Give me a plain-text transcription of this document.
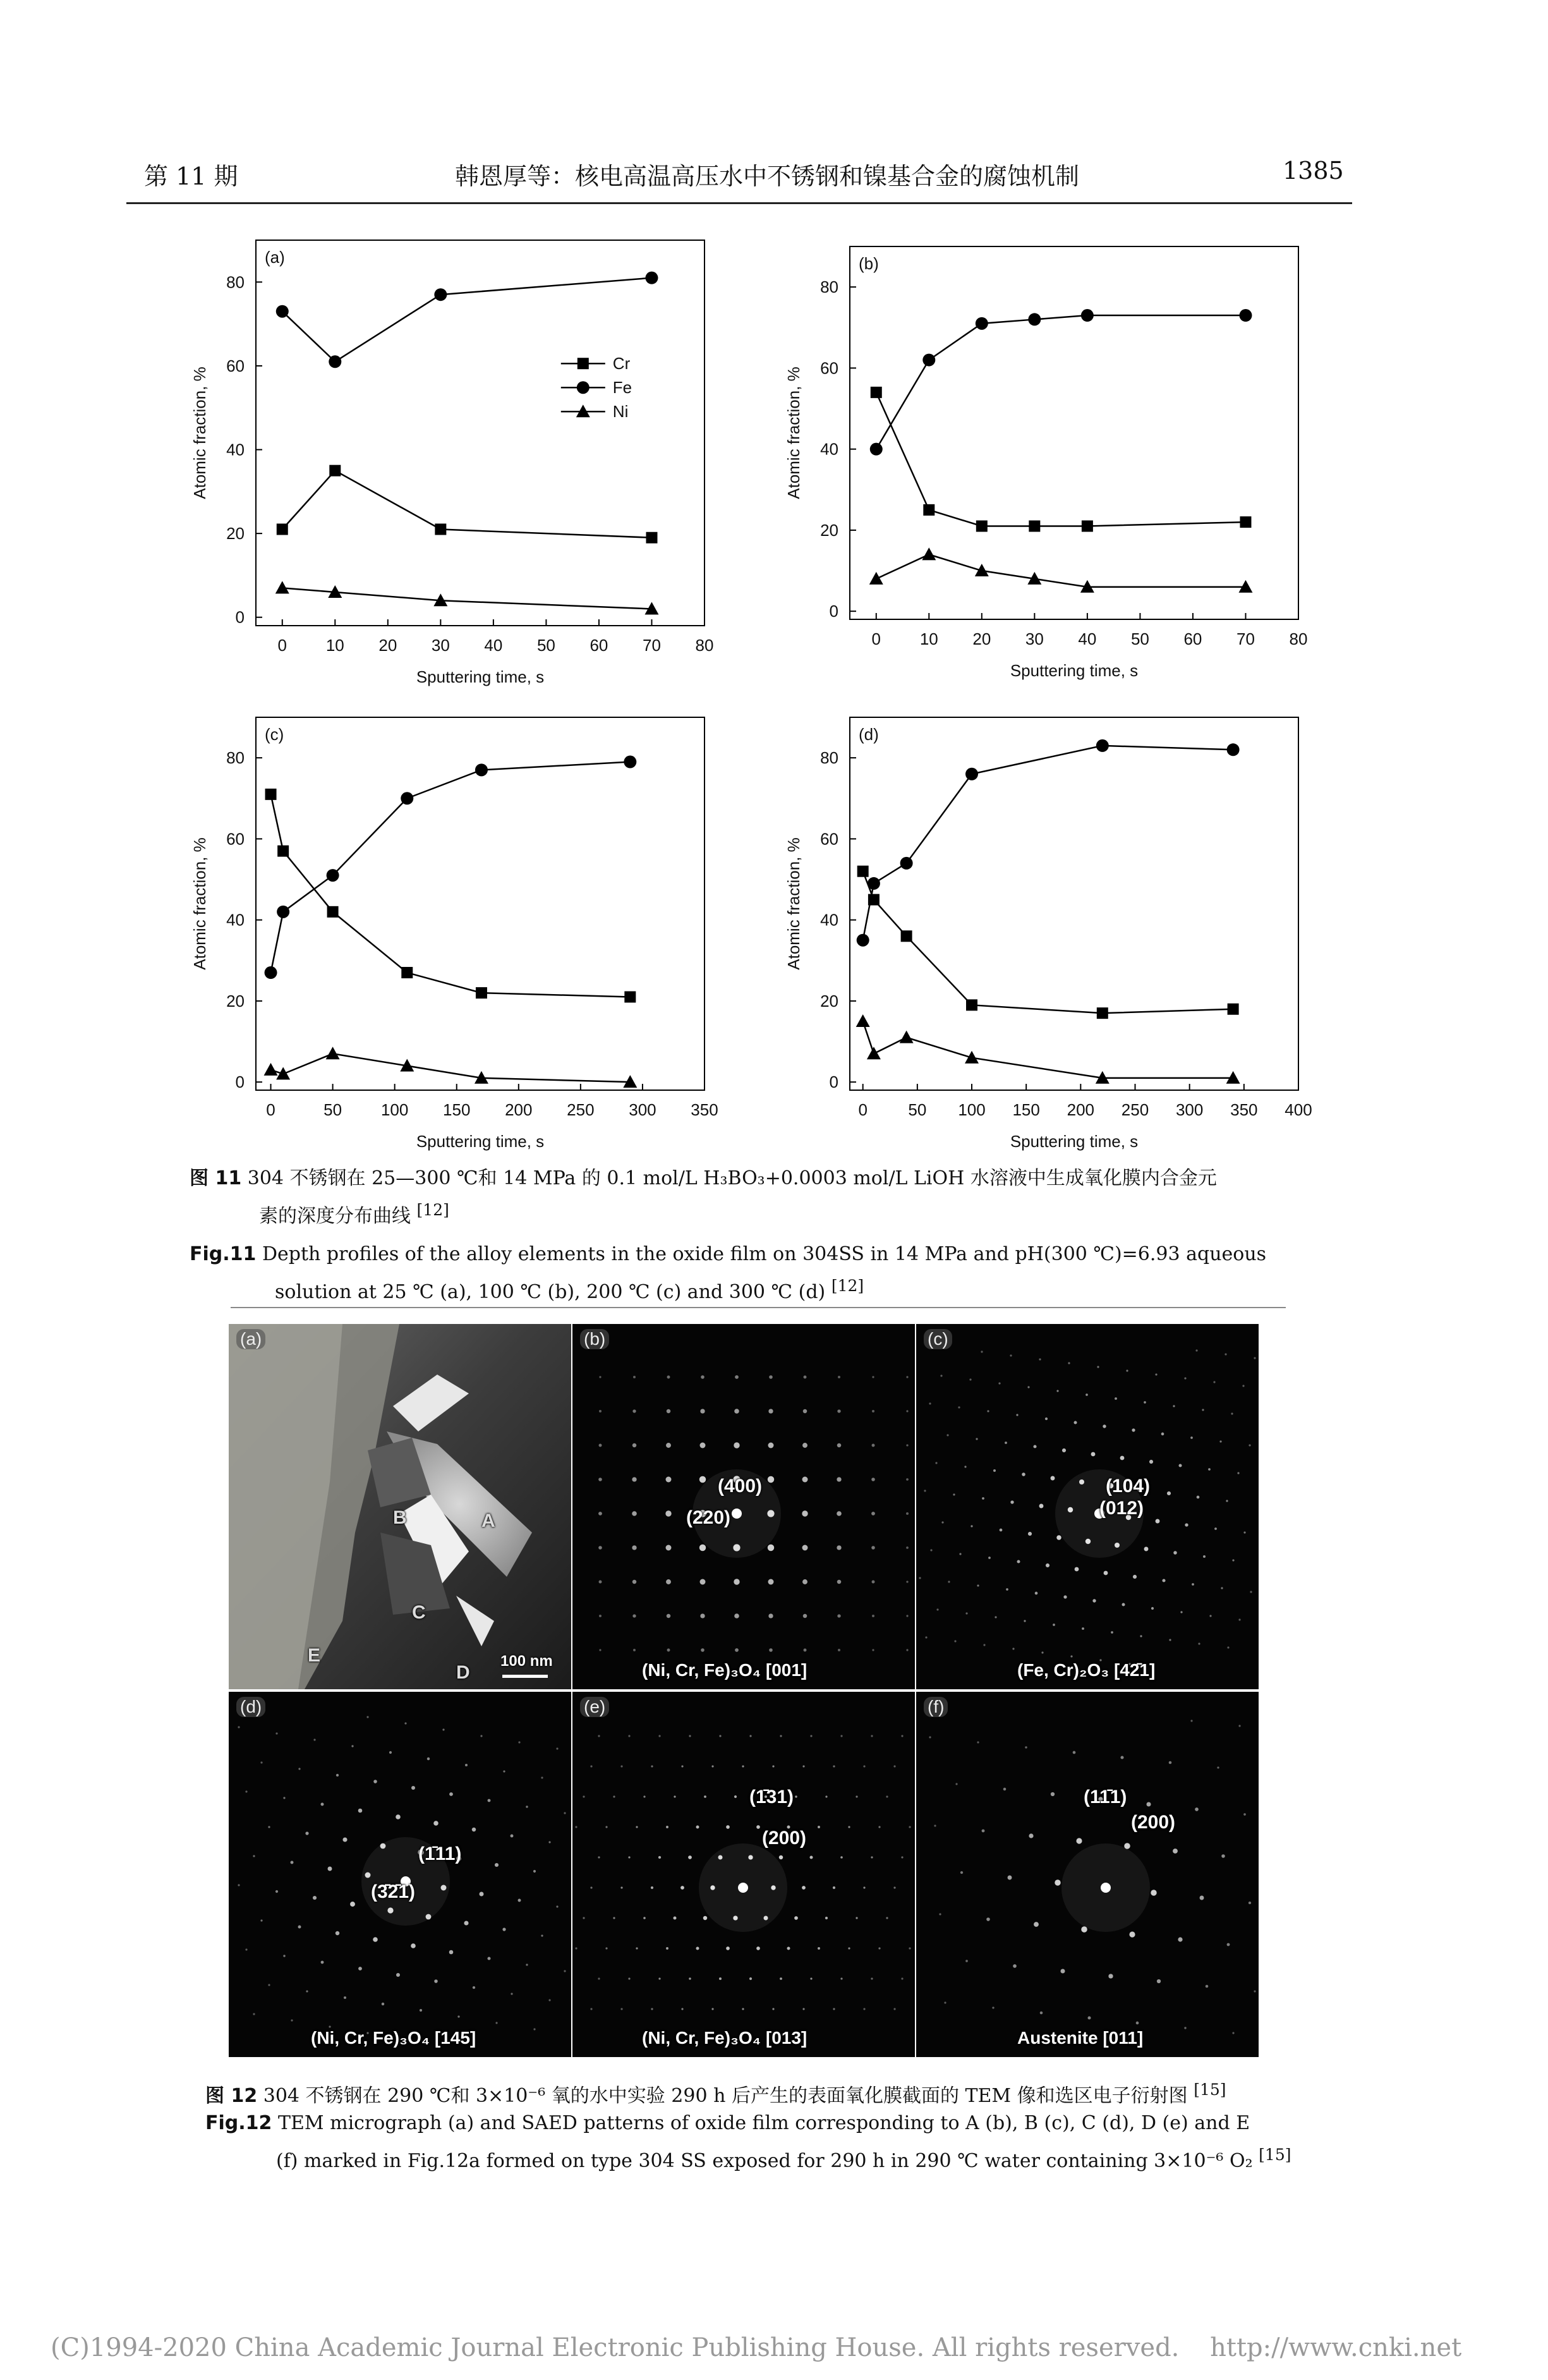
第 11 期	韩恩厚等：核电高温高压水中不锈钢和镍基合金的腐蚀机制	1385
0 10 20 30 40 50 60 70 80
0
20
40
60
80
Sputtering time, s
Atomic fraction, %
(a)
Cr
Fe
Ni
0 10 20 30 40 50 60 70 80
0
20
40
60
80
Sputtering time, s
Atomic fraction, %
(b)
0	50 100 150 200 250 300 350
0
20
40
60
80
Sputtering time, s
Atomic fraction, %
(c)
0 50 100 150 200 250 300 350 400
0
20
40
60
80
Sputtering time, s
Atomic fraction, %
(d)
图 11 304 不锈钢在 25—300 ℃和 14 MPa 的 0.1 mol/L H₃BO₃+0.0003 mol/L LiOH 水溶液中生成氧化膜内合金元
素的深度分布曲线 [12]
Fig.11 Depth profiles of the alloy elements in the oxide film on 304SS in 14 MPa and pH(300 ℃)=6.93 aqueous
solution at 25 ℃ (a), 100 ℃ (b), 200 ℃ (c) and 300 ℃ (d) [12]
(a)
A
B
C
D
E	100 nm
(b)
(400)
(220)
(Ni, Cr, Fe)₃O₄ [001]
(c)
(104)
(012)
(Fe, Cr)₂O₃ [42̄1]
(d)
(1̄11)
(3̄2̄1)
(Ni, Cr, Fe)₃O₄ [145]
(e)
(1̄31)
(200)
(Ni, Cr, Fe)₃O₄ [013]
(f)
(11̄1)
(200)
Austenite [011]
图 12 304 不锈钢在 290 ℃和 3×10⁻⁶ 氧的水中实验 290 h 后产生的表面氧化膜截面的 TEM 像和选区电子衍射图 [15]
Fig.12 TEM micrograph (a) and SAED patterns of oxide film corresponding to A (b), B (c), C (d), D (e) and E
(f) marked in Fig.12a formed on type 304 SS exposed for 290 h in 290 ℃ water containing 3×10⁻⁶ O₂ [15]
(C)1994-2020 China Academic Journal Electronic Publishing House. All rights reserved. http://www.cnki.net
